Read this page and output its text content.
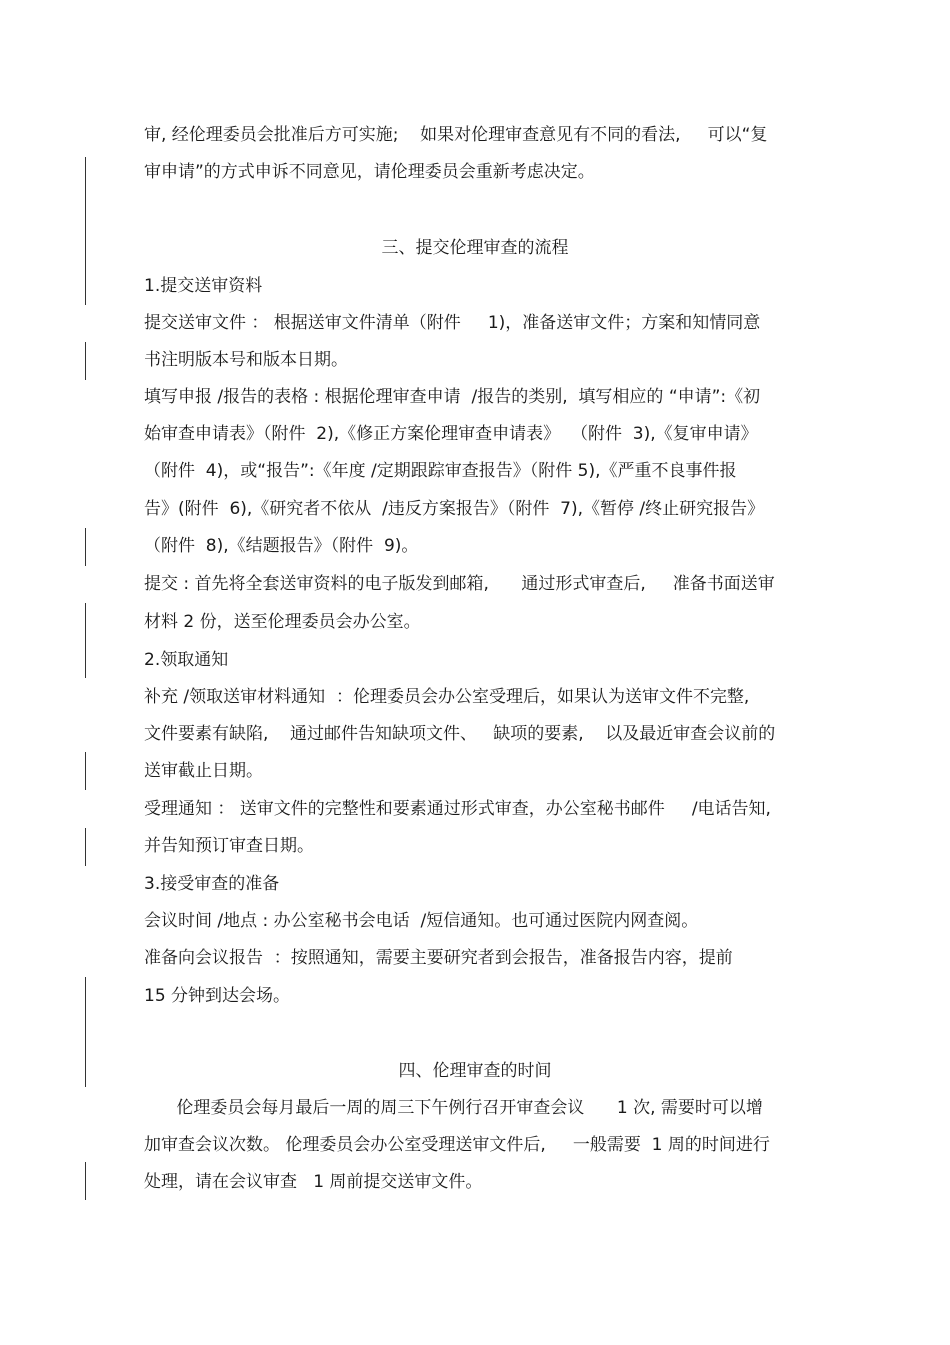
审, 经伦理委员会批准后方可实施;    如果对伦理审查意见有不同的看法,     可以“复
审申请”的方式申诉不同意见，请伦理委员会重新考虑决定。
三、提交伦理审查的流程
1.提交送审资料
提交送审文件 ： 根据送审文件清单（附件     1)，准备送审文件；方案和知情同意
书注明版本号和版本日期。
填写申报 /报告的表格 : 根据伦理审查申请  /报告的类别,  填写相应的 “申请”:《初
始审查申请表》（附件  2),《修正方案伦理审查申请表》  （附件  3),《复审申请》
（附件  4)，或“报告”:《年度 /定期跟踪审查报告》（附件 5),《严重不良事件报
告》(附件  6),《研究者不依从  /违反方案报告》（附件  7),《暂停 /终止研究报告》
（附件  8),《结题报告》（附件  9)。
提交 : 首先将全套送审资料的电子版发到邮箱,      通过形式审查后,     准备书面送审
材料 2 份，送至伦理委员会办公室。
2.领取通知
补充 /领取送审材料通知  ：伦理委员会办公室受理后，如果认为送审文件不完整,
文件要素有缺陷,    通过邮件告知缺项文件、   缺项的要素,    以及最近审查会议前的
送审截止日期。
受理通知 ： 送审文件的完整性和要素通过形式审查，办公室秘书邮件     /电话告知,
并告知预订审查日期。
3.接受审查的准备
会议时间 /地点 : 办公室秘书会电话  /短信通知。也可通过医院内网查阅。
准备向会议报告  ：按照通知，需要主要研究者到会报告，准备报告内容，提前
15 分钟到达会场。
四、伦理审查的时间
伦理委员会每月最后一周的周三下午例行召开审查会议      1 次, 需要时可以增
加审查会议次数。 伦理委员会办公室受理送审文件后,     一般需要  1 周的时间进行
处理，请在会议审查   1 周前提交送审文件。
